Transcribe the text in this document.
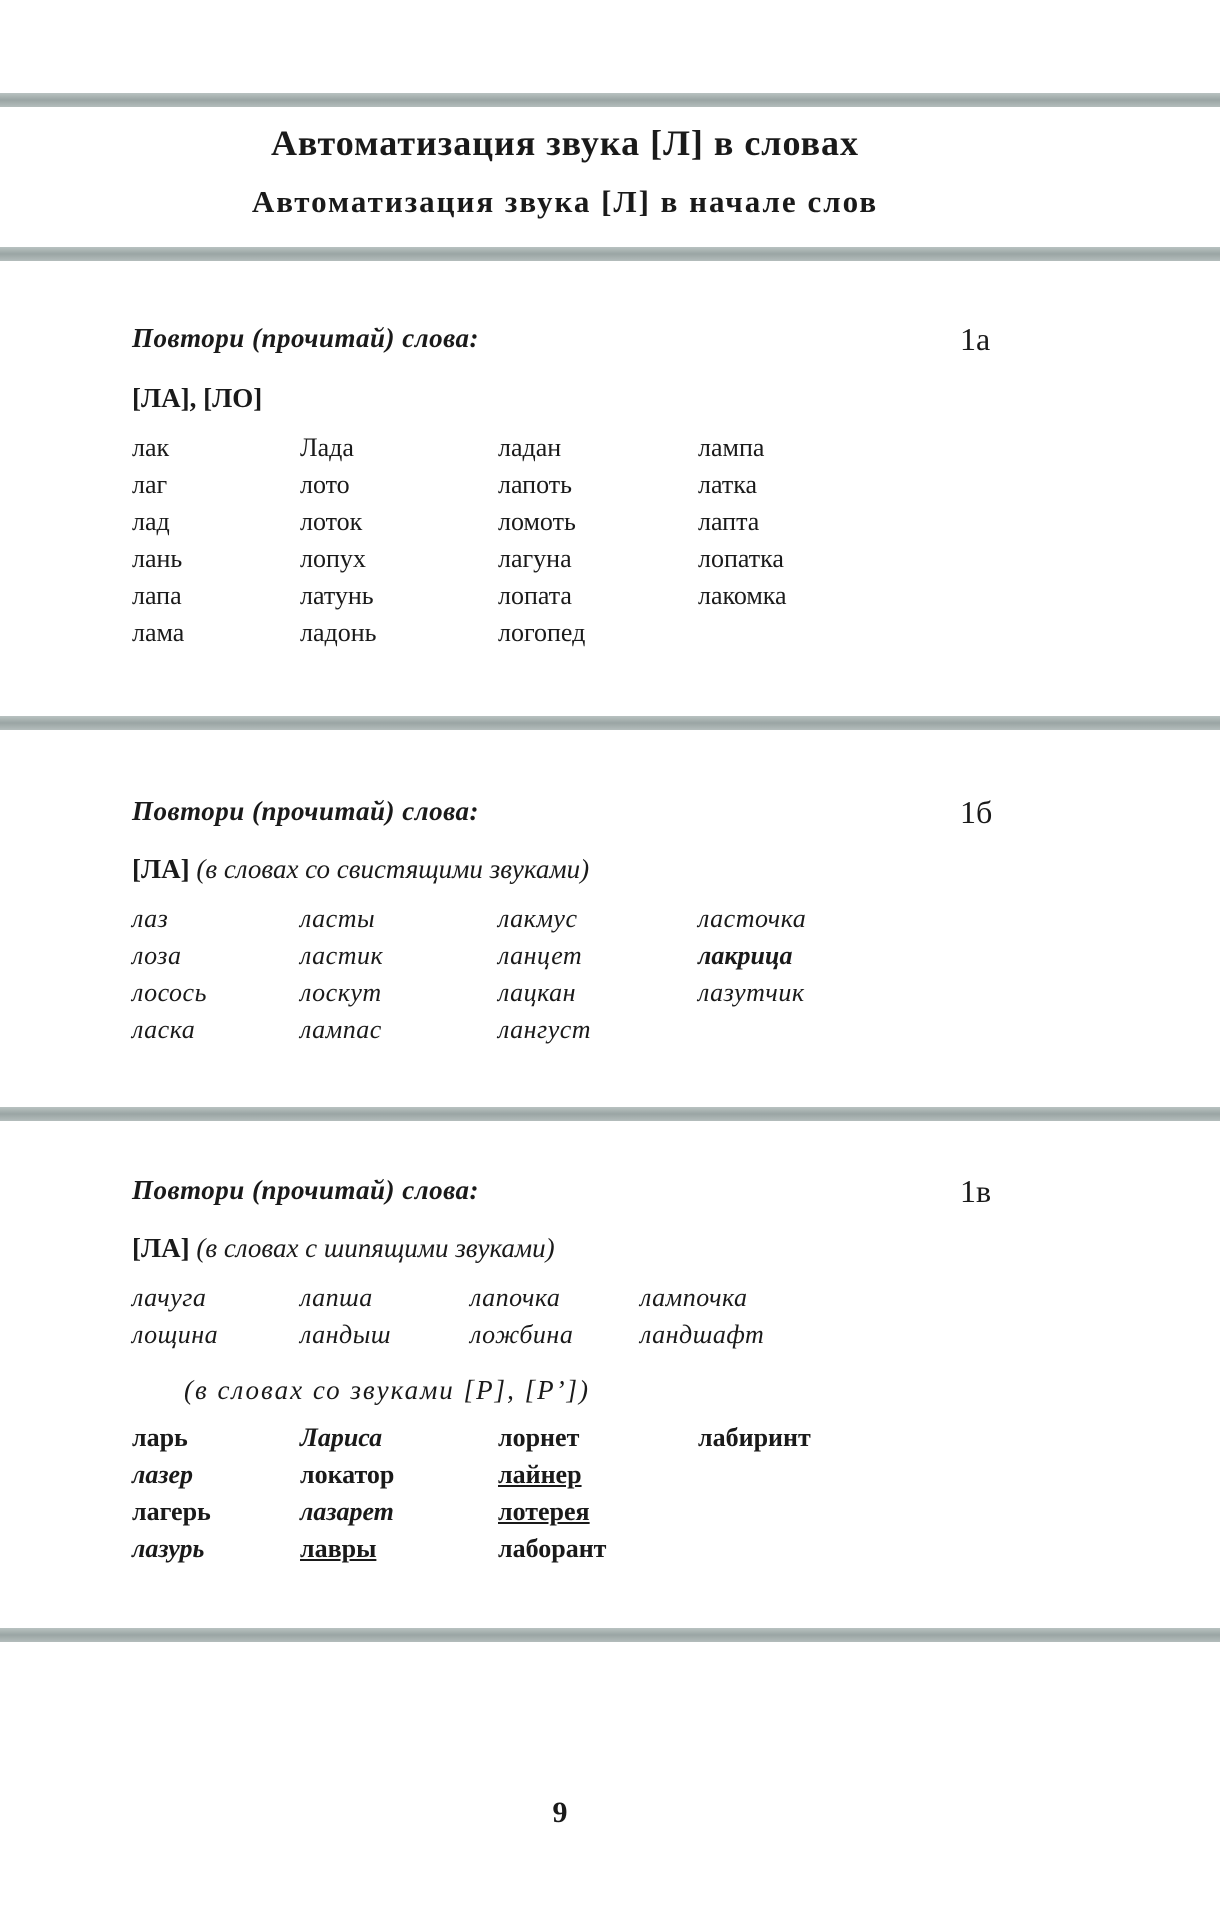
Автоматизация звука [Л] в словах
Автоматизация звука [Л] в начале слов
Повтори (прочитай) слова:	1а
[ЛА], [ЛО]
лак	Лада	ладан	лампа
лаг	лото	лапоть	латка
лад	лоток	ломоть	лапта
лань	лопух	лагуна	лопатка
лапа	латунь	лопата	лакомка
лама	ладонь	логопед
Повтори (прочитай) слова:	1б
[ЛА] (в словах со свистящими звуками)
лаз	ласты	лакмус	ласточка
лоза	ластик	ланцет	лакрица
лосось	лоскут	лацкан	лазутчик
ласка	лампас	лангуст
Повтори (прочитай) слова:	1в
[ЛА] (в словах с шипящими звуками)
лачуга	лапша	лапочка	лампочка
лощина	ландыш	ложбина	ландшафт
(в словах со звуками [Р], [Р’])
ларь	Лариса	лорнет	лабиринт
лазер	локатор	лайнер
лагерь	лазарет	лотерея
лазурь	лавры	лаборант
9
